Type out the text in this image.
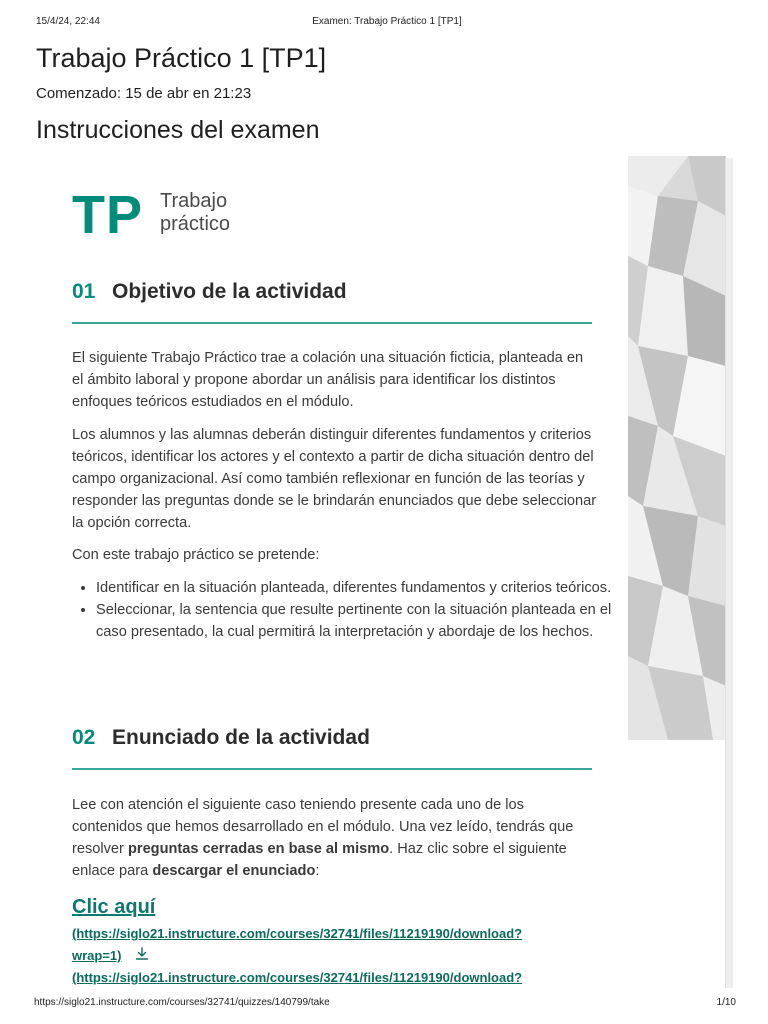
15/4/24, 22:44	Examen: Trabajo Práctico 1 [TP1]
Trabajo Práctico 1 [TP1]

Comenzado: 15 de abr en 21:23

Instrucciones del examen
TP Trabajo
práctico
01 Objetivo de la actividad

El siguiente Trabajo Práctico trae a colación una situación ficticia, planteada en el ámbito laboral y propone abordar un análisis para identificar los distintos enfoques teóricos estudiados en el módulo.

Los alumnos y las alumnas deberán distinguir diferentes fundamentos y criterios teóricos, identificar los actores y el contexto a partir de dicha situación dentro del campo organizacional. Así como también reflexionar en función de las teorías y responder las preguntas donde se le brindarán enunciados que debe seleccionar la opción correcta.

Con este trabajo práctico se pretende:

• Identificar en la situación planteada, diferentes fundamentos y criterios teóricos.
• Seleccionar, la sentencia que resulte pertinente con la situación planteada en el caso presentado, la cual permitirá la interpretación y abordaje de los hechos.
02 Enunciado de la actividad

Lee con atención el siguiente caso teniendo presente cada uno de los contenidos que hemos desarrollado en el módulo. Una vez leído, tendrás que resolver preguntas cerradas en base al mismo. Haz clic sobre el siguiente enlace para descargar el enunciado:

Clic aquí
(https://siglo21.instructure.com/courses/32741/files/11219190/download?
wrap=1)
(https://siglo21.instructure.com/courses/32741/files/11219190/download?
https://siglo21.instructure.com/courses/32741/quizzes/140799/take	1/10
